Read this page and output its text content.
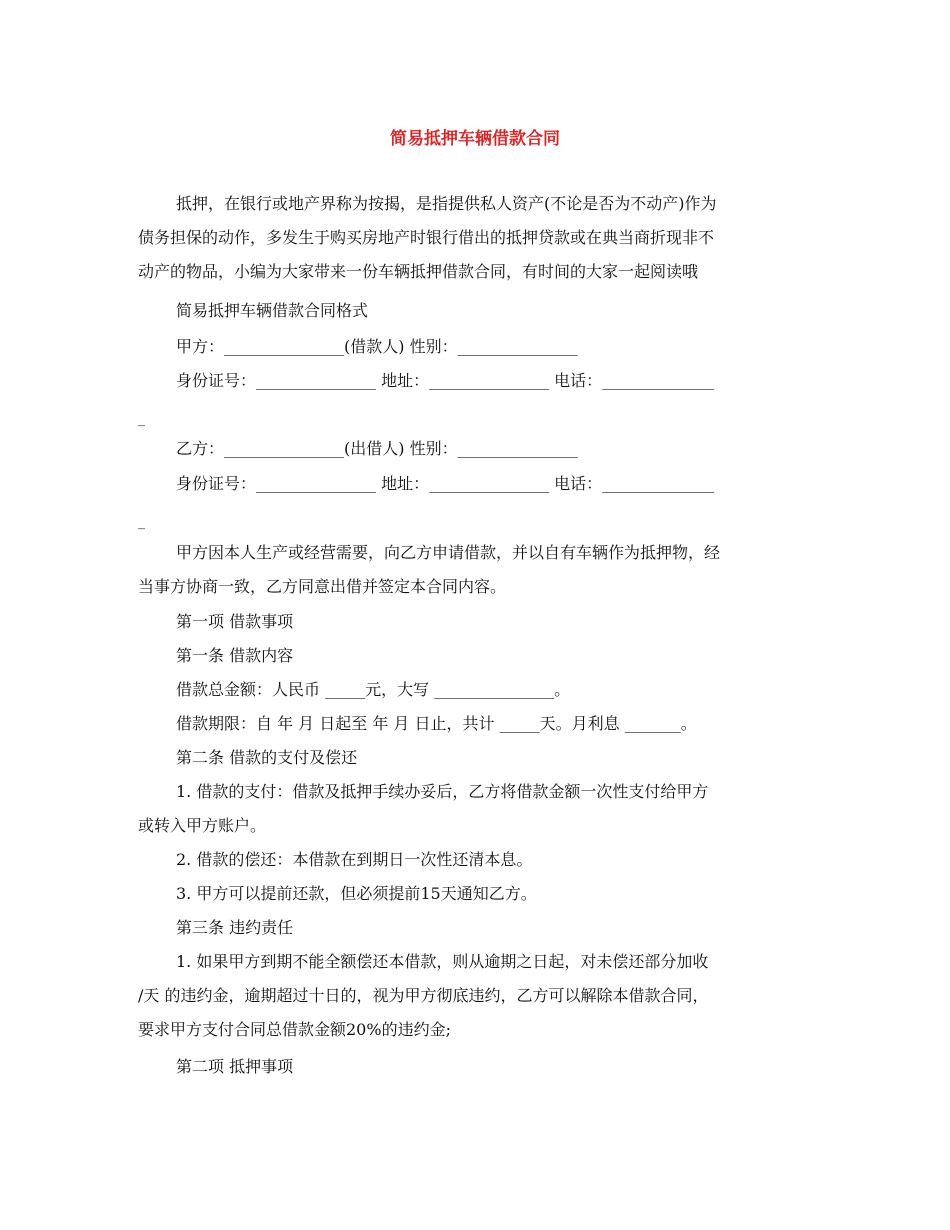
简易抵押车辆借款合同
抵押，在银行或地产界称为按揭，是指提供私人资产(不论是否为不动产)作为
债务担保的动作，多发生于购买房地产时银行借出的抵押贷款或在典当商折现非不
动产的物品，小编为大家带来一份车辆抵押借款合同，有时间的大家一起阅读哦
简易抵押车辆借款合同格式
甲方：_______________(借款人) 性别：_______________
身份证号：_______________ 地址：_______________ 电话：______________
_
乙方：_______________(出借人) 性别：_______________
身份证号：_______________ 地址：_______________ 电话：______________
_
甲方因本人生产或经营需要，向乙方申请借款，并以自有车辆作为抵押物，经
当事方协商一致，乙方同意出借并签定本合同内容。
第一项 借款事项
第一条 借款内容
借款总金额：人民币 _____元，大写 _______________。
借款期限：自 年 月 日起至 年 月 日止，共计 _____天。月利息 _______。
第二条 借款的支付及偿还
1. 借款的支付：借款及抵押手续办妥后，乙方将借款金额一次性支付给甲方
或转入甲方账户。
2. 借款的偿还：本借款在到期日一次性还清本息。
3. 甲方可以提前还款，但必须提前15天通知乙方。
第三条 违约责任
1. 如果甲方到期不能全额偿还本借款，则从逾期之日起，对未偿还部分加收
/天 的违约金，逾期超过十日的，视为甲方彻底违约，乙方可以解除本借款合同，
要求甲方支付合同总借款金额20%的违约金;
第二项 抵押事项
